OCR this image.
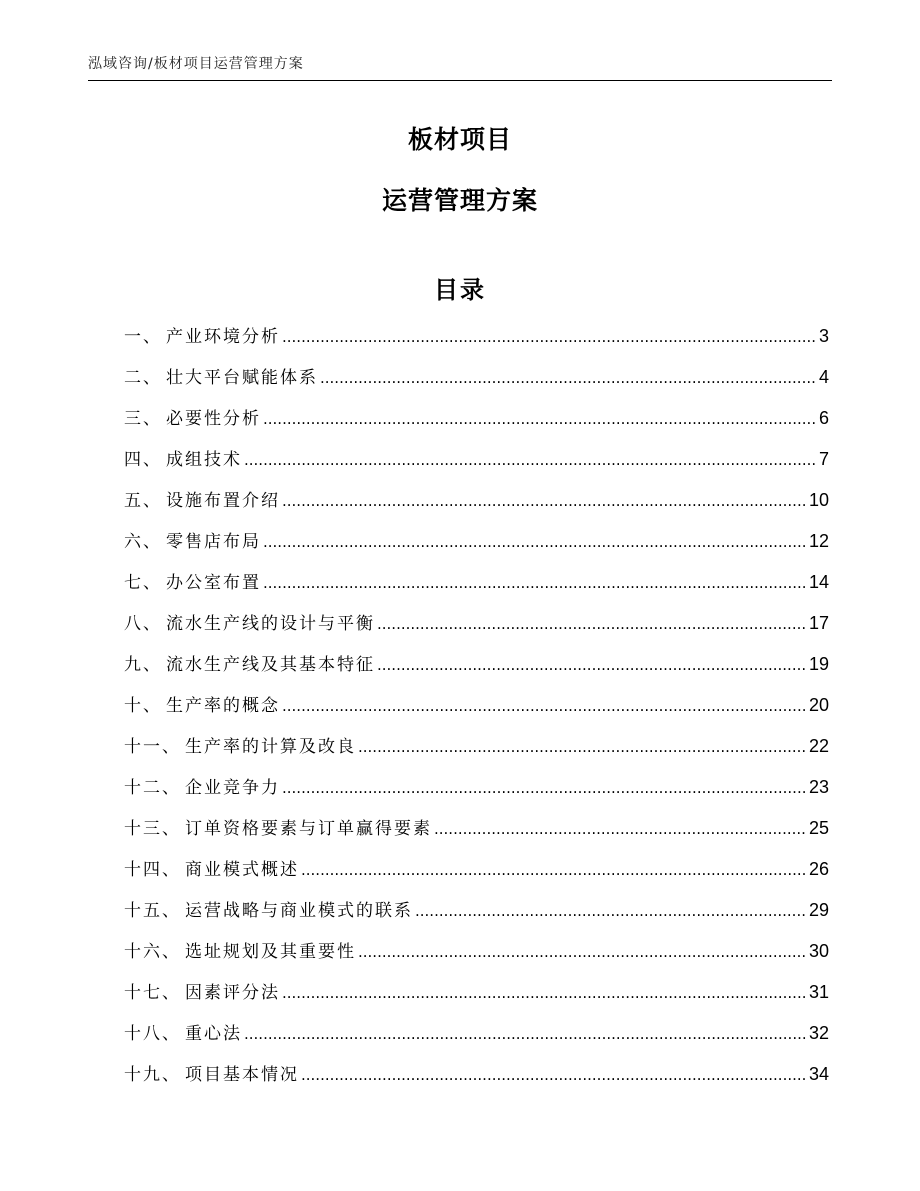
泓域咨询/板材项目运营管理方案
板材项目
运营管理方案
目录
一、 产业环境分析 .....	3
二、 壮大平台赋能体系 .....	4
三、 必要性分析 .....	6
四、 成组技术 .....	7
五、 设施布置介绍 .....	10
六、 零售店布局 .....	12
七、 办公室布置 .....	14
八、 流水生产线的设计与平衡 .....	17
九、 流水生产线及其基本特征 .....	19
十、 生产率的概念 .....	20
十一、 生产率的计算及改良 .....	22
十二、 企业竞争力 .....	23
十三、 订单资格要素与订单赢得要素 .....	25
十四、 商业模式概述 .....	26
十五、 运营战略与商业模式的联系 .....	29
十六、 选址规划及其重要性 .....	30
十七、 因素评分法 .....	31
十八、 重心法 .....	32
十九、 项目基本情况 .....	34
